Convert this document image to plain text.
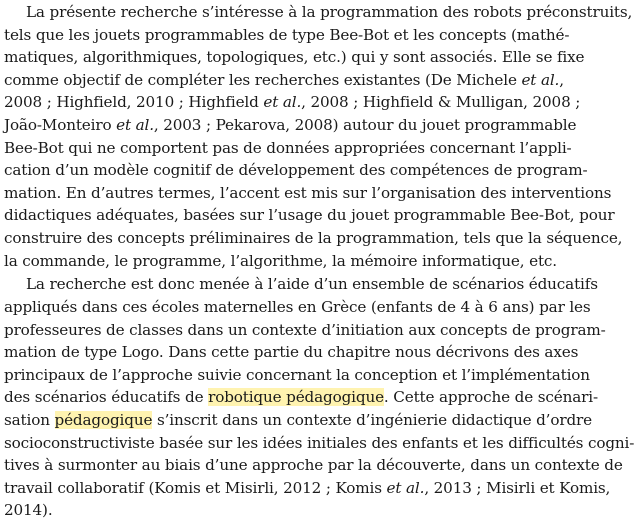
La présente recherche s’intéresse à la programmation des robots préconstruits,
tels que les jouets programmables de type Bee-Bot et les concepts (mathé-
matiques, algorithmiques, topologiques, etc.) qui y sont associés. Elle se fixe
comme objectif de compléter les recherches existantes (De Michele et al.,
2008 ; Highfield, 2010 ; Highfield et al., 2008 ; Highfield & Mulligan, 2008 ;
João-Monteiro et al., 2003 ; Pekarova, 2008) autour du jouet programmable
Bee-Bot qui ne comportent pas de données appropriées concernant l’appli-
cation d’un modèle cognitif de développement des compétences de program-
mation. En d’autres termes, l’accent est mis sur l’organisation des interventions
didactiques adéquates, basées sur l’usage du jouet programmable Bee-Bot, pour
construire des concepts préliminaires de la programmation, tels que la séquence,
la commande, le programme, l’algorithme, la mémoire informatique, etc.
La recherche est donc menée à l’aide d’un ensemble de scénarios éducatifs
appliqués dans ces écoles maternelles en Grèce (enfants de 4 à 6 ans) par les
professeures de classes dans un contexte d’initiation aux concepts de program-
mation de type Logo. Dans cette partie du chapitre nous décrivons des axes
principaux de l’approche suivie concernant la conception et l’implémentation
des scénarios éducatifs de robotique pédagogique. Cette approche de scénari-
sation pédagogique s’inscrit dans un contexte d’ingénierie didactique d’ordre
socioconstructiviste basée sur les idées initiales des enfants et les difficultés cogni-
tives à surmonter au biais d’une approche par la découverte, dans un contexte de
travail collaboratif (Komis et Misirli, 2012 ; Komis et al., 2013 ; Misirli et Komis,
2014).
